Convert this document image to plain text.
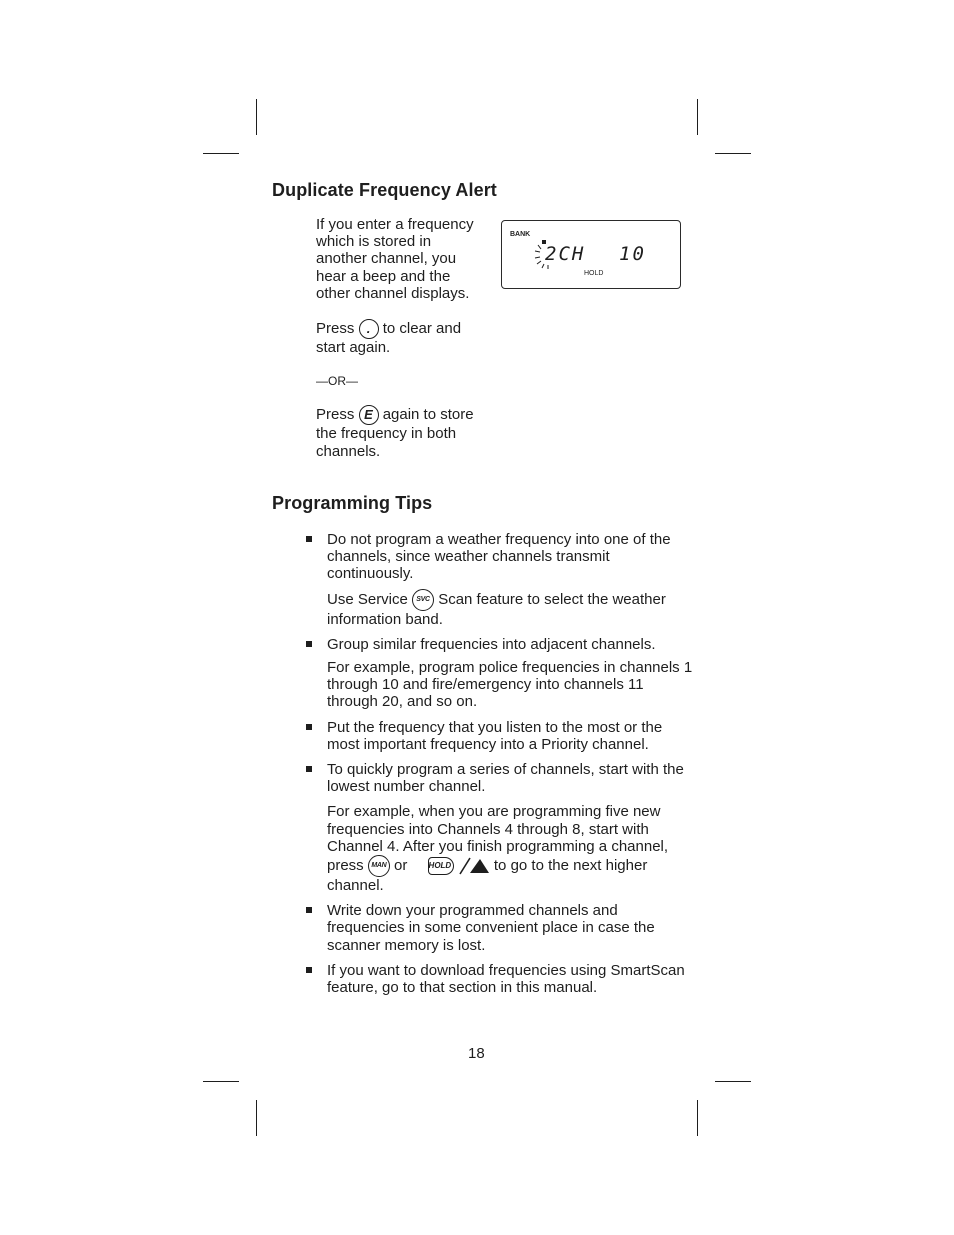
Duplicate Frequency Alert

If you enter a frequency which is stored in another channel, you hear a beep and the other channel displays.

Press . to clear and start again.

—OR—

Press E again to store the frequency in both channels.

BANK
2CH 10
HOLD
Programming Tips

Do not program a weather frequency into one of the channels, since weather channels transmit continuously.

Use Service	SVC Scan feature to select the weather information band.

Group similar frequencies into adjacent channels.

For example, program police frequencies in channels 1 through 10 and fire/emergency into channels 11 through 20, and so on.

Put the frequency that you listen to the most or the most important frequency into a Priority channel.

To quickly program a series of channels, start with the lowest number channel.

For example, when you are programming five new frequencies into Channels 4 through 8, start with Channel 4. After you finish programming a channel, press	MAN or	HOLD	to go to the next higher channel.

Write down your programmed channels and frequencies in some convenient place in case the scanner memory is lost.

If you want to download frequencies using SmartScan feature, go to that section in this manual.

18
